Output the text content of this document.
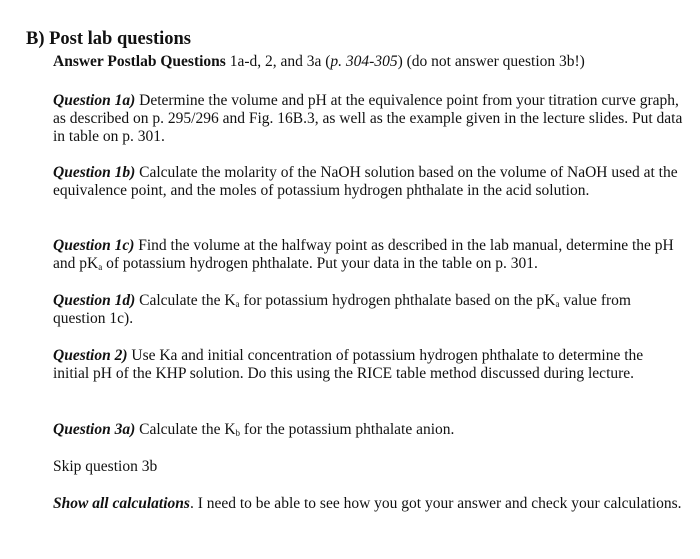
B) Post lab questions
Answer Postlab Questions 1a-d, 2, and 3a (p. 304-305) (do not answer question 3b!)
Question 1a) Determine the volume and pH at the equivalence point from your titration curve graph, as described on p. 295/296 and Fig. 16B.3, as well as the example given in the lecture slides. Put data in table on p. 301.
Question 1b) Calculate the molarity of the NaOH solution based on the volume of NaOH used at the equivalence point, and the moles of potassium hydrogen phthalate in the acid solution.
Question 1c) Find the volume at the halfway point as described in the lab manual, determine the pH and $pK_a$ of potassium hydrogen phthalate. Put your data in the table on p. 301.
Question 1d) Calculate the $K_a$ for potassium hydrogen phthalate based on the $pK_a$ value from question 1c).
Question 2) Use Ka and initial concentration of potassium hydrogen phthalate to determine the initial pH of the KHP solution. Do this using the RICE table method discussed during lecture.
Question 3a) Calculate the $K_b$ for the potassium phthalate anion.
Skip question 3b
Show all calculations. I need to be able to see how you got your answer and check your calculations.
